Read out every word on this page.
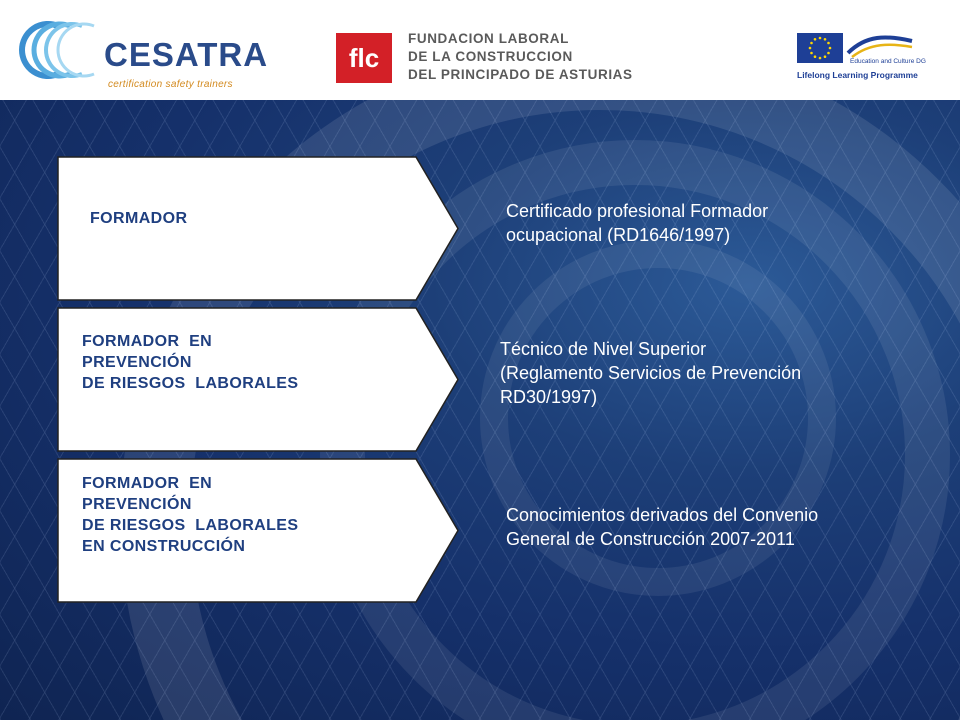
CESATRA
certification safety trainers
flc
FUNDACION LABORAL
DE LA CONSTRUCCION
DEL PRINCIPADO DE ASTURIAS
Education and Culture DG
Lifelong Learning Programme
FORMADOR	Certificado profesional Formador
ocupacional (RD1646/1997)
FORMADOR  EN
PREVENCIÓN
DE RIESGOS  LABORALES
Técnico de Nivel Superior
(Reglamento Servicios de Prevención
RD30/1997)
FORMADOR  EN
PREVENCIÓN
DE RIESGOS  LABORALES
EN CONSTRUCCIÓN
Conocimientos derivados del Convenio
General de Construcción 2007-2011
